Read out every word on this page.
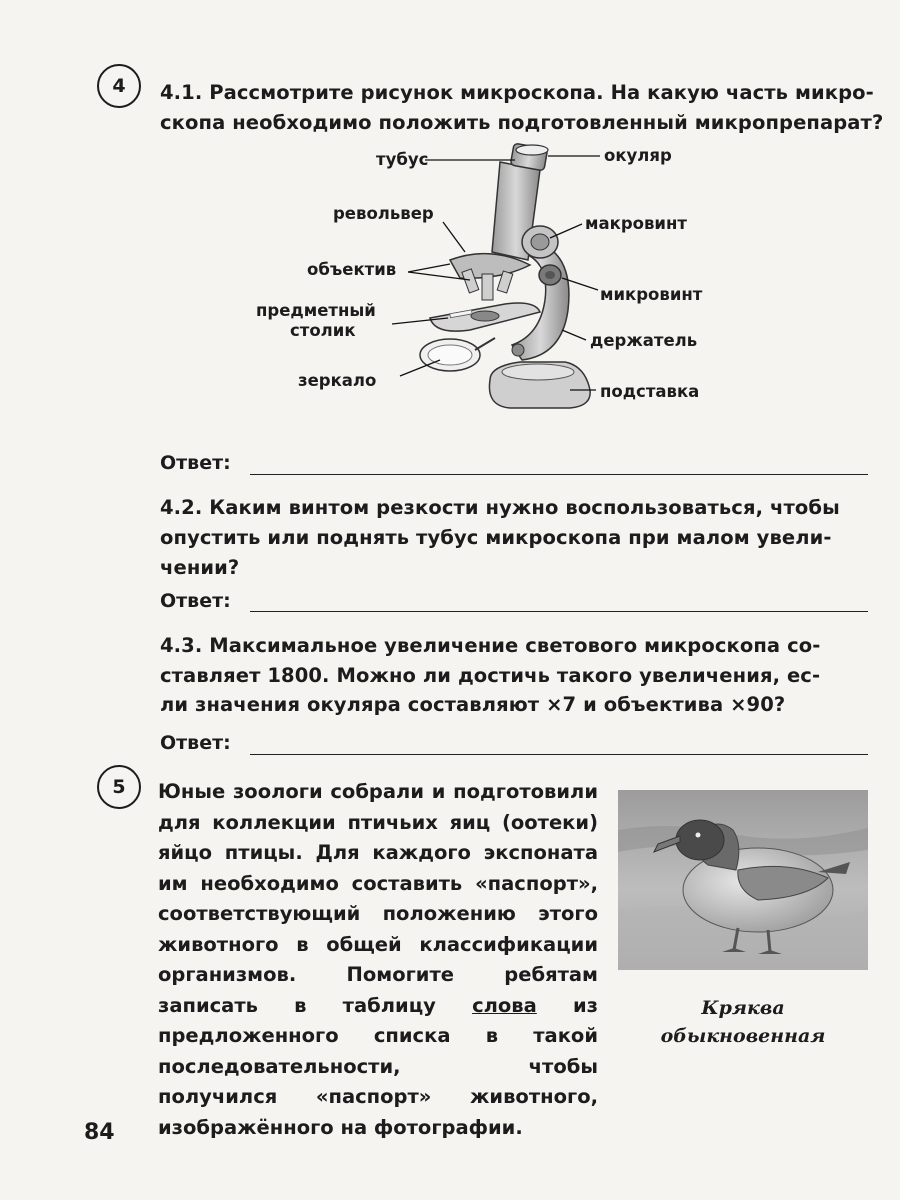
4	4.1. Рассмотрите рисунок микроскопа. На какую часть микро-
скопа необходимо положить подготовленный микропрепарат?
тубус	окуляр
револьвер
макровинт
объектив
микровинт
предметный
столик
держатель
зеркало
подставка
Ответ:
4.2. Каким винтом резкости нужно воспользоваться, чтобы
опустить или поднять тубус микроскопа при малом увели-
чении?
Ответ:
4.3. Максимальное увеличение светового микроскопа со-
ставляет 1800. Можно ли достичь такого увеличения, ес-
ли значения окуляра составляют ×7 и объектива ×90?
Ответ:
5	Юные зоологи собрали и подготовили для коллекции птичьих яиц (оотеки) яйцо птицы. Для каждого экспоната им необходимо составить «паспорт», соответствующий положению этого животного в общей классификации организмов. Помогите ребятам записать в таблицу слова из предложенного списка в такой последовательности, чтобы получился «паспорт» животного, изображённого на фотографии.
Кряква
обыкновенная
84
